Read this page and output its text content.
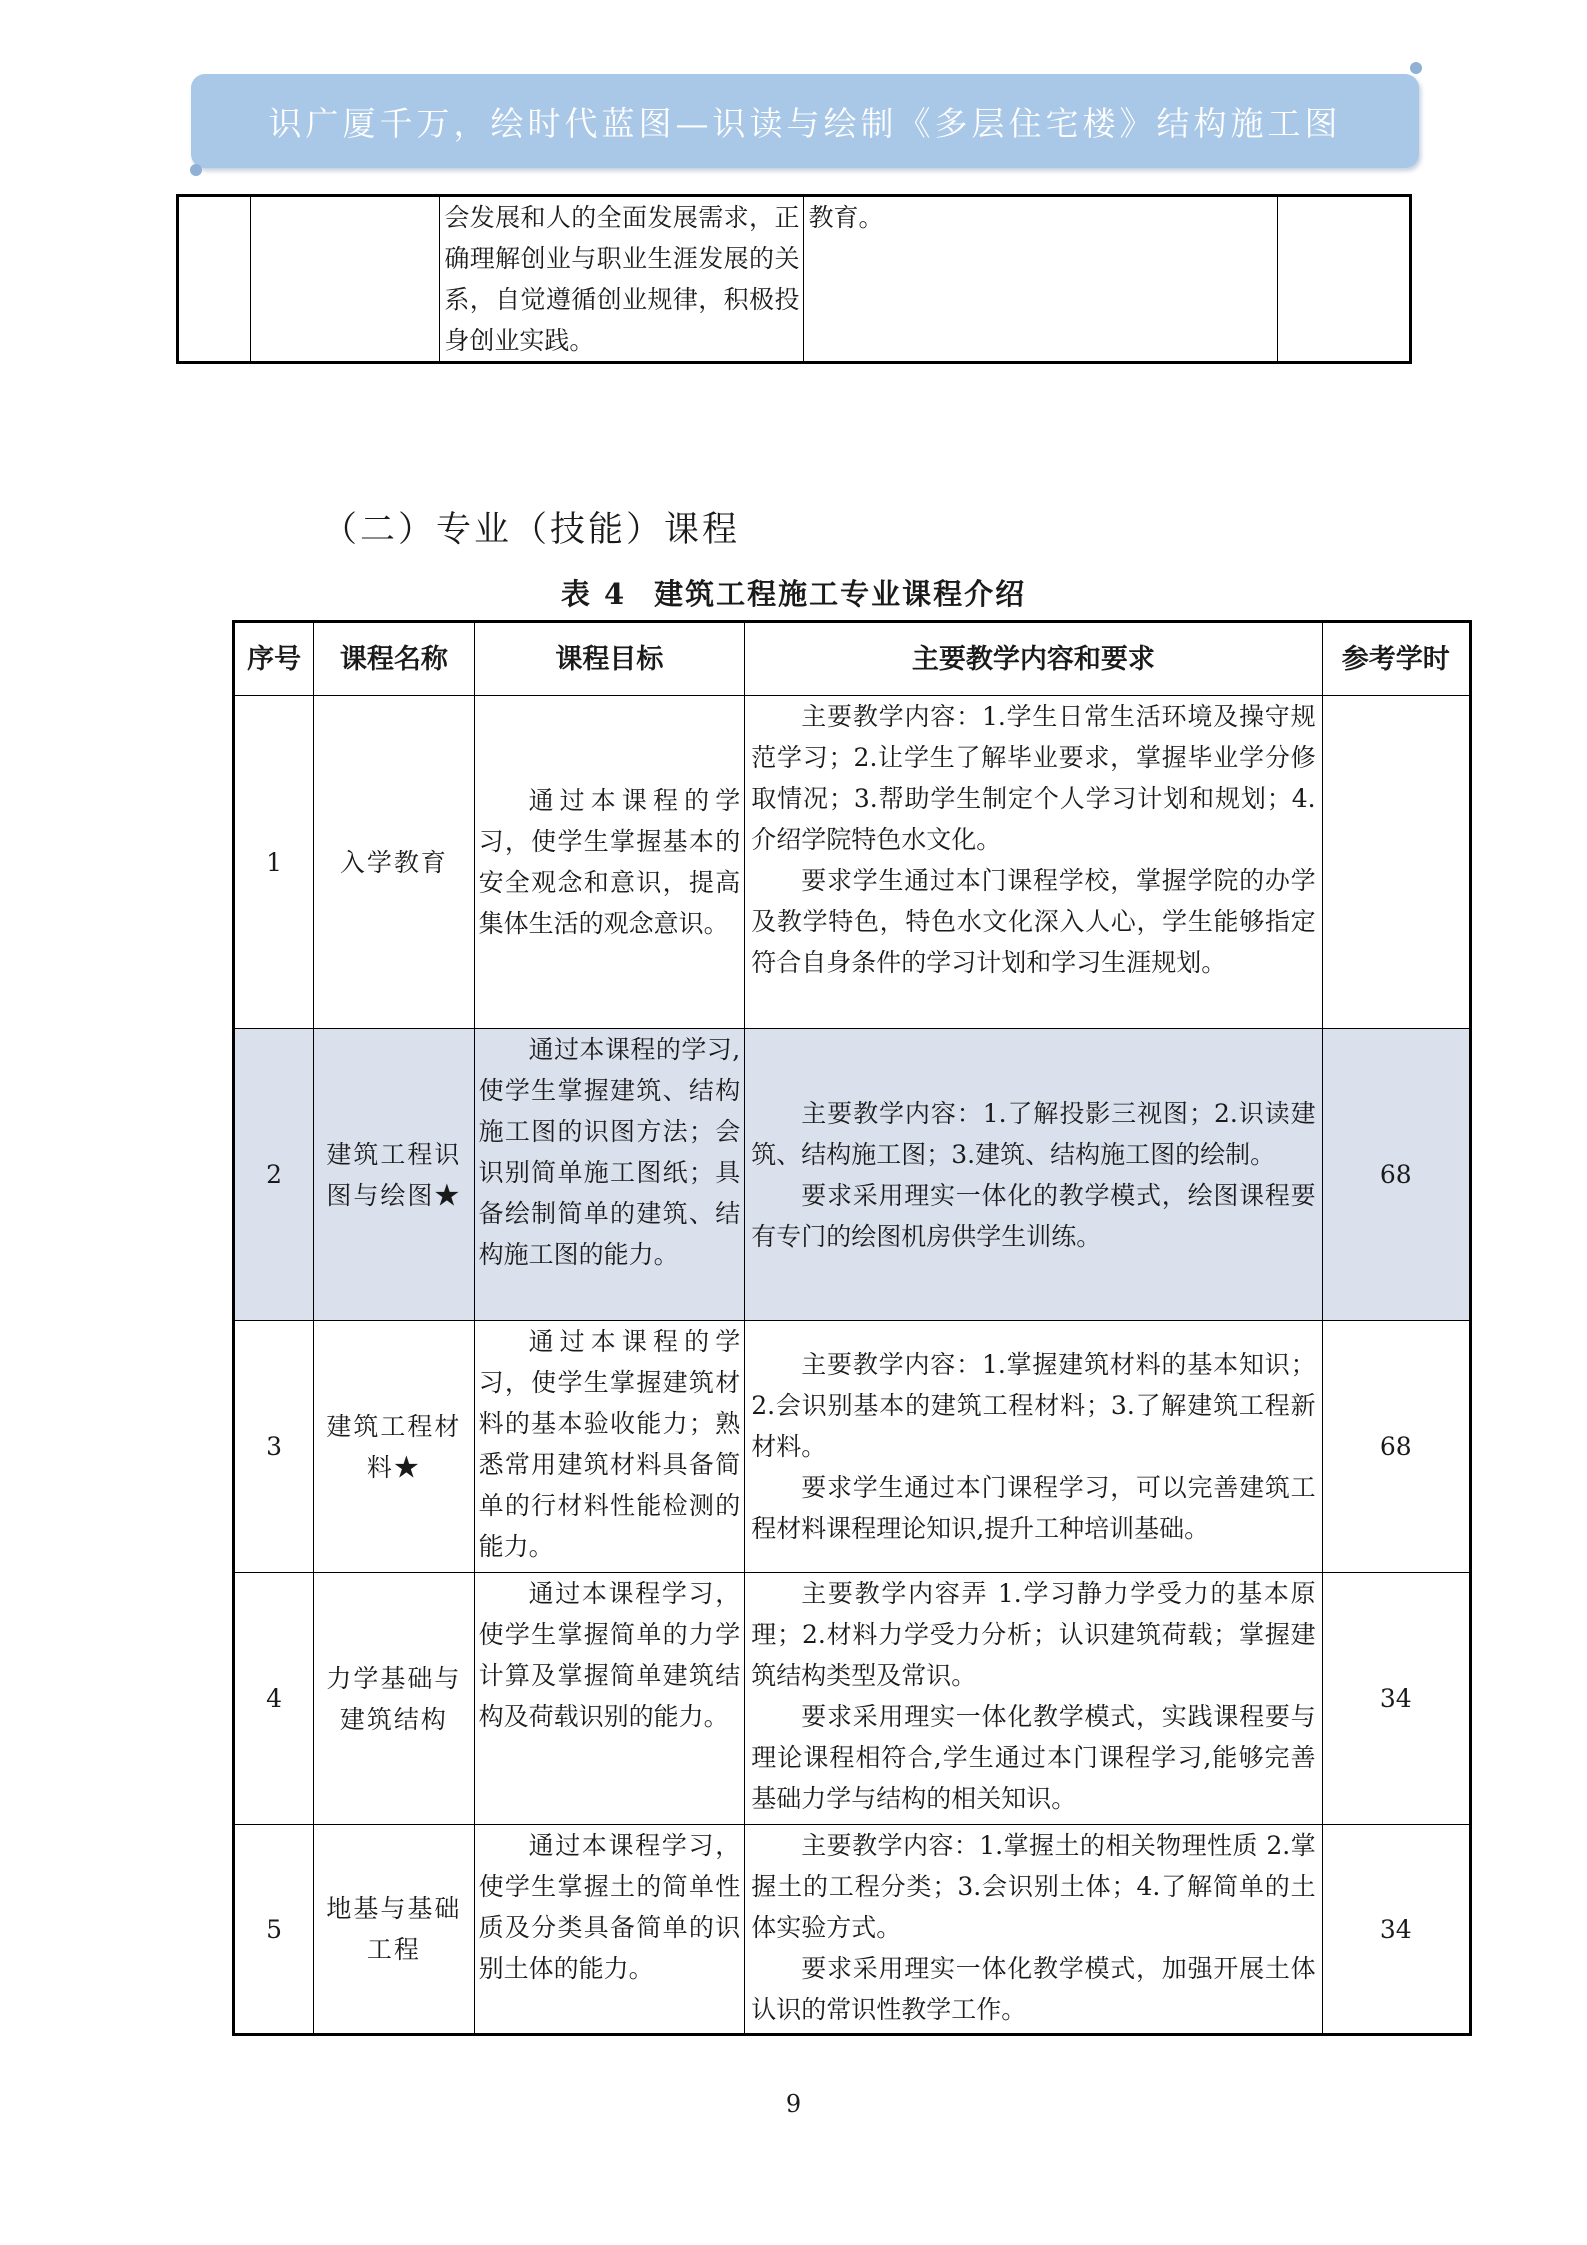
识广厦千万，绘时代蓝图—识读与绘制《多层住宅楼》结构施工图
		会发展和人的全面发展需求，正确理解创业与职业生涯发展的关系，自觉遵循创业规律，积极投身创业实践。	教育。	
（二）专业（技能）课程
表 4 建筑工程施工专业课程介绍
序号	课程名称	课程目标	主要教学内容和要求	参考学时
1	入学教育	通过本课程的学习，使学生掌握基本的安全观念和意识，提高集体生活的观念意识。	主要教学内容：1.学生日常生活环境及操守规范学习；2.让学生了解毕业要求，掌握毕业学分修取情况；3.帮助学生制定个人学习计划和规划；4.介绍学院特色水文化。

要求学生通过本门课程学校，掌握学院的办学及教学特色，特色水文化深入人心，学生能够指定符合自身条件的学习计划和学习生涯规划。	

2	建筑工程识图与绘图★	通过本课程的学习,使学生掌握建筑、结构施工图的识图方法；会识别简单施工图纸；具备绘制简单的建筑、结构施工图的能力。	主要教学内容：1.了解投影三视图；2.识读建筑、结构施工图；3.建筑、结构施工图的绘制。

要求采用理实一体化的教学模式，绘图课程要有专门的绘图机房供学生训练。	68
3	建筑工程材料★	通过本课程的学习，使学生掌握建筑材料的基本验收能力；熟悉常用建筑材料具备简单的行材料性能检测的能力。	主要教学内容：1.掌握建筑材料的基本知识；2.会识别基本的建筑工程材料；3.了解建筑工程新材料。

要求学生通过本门课程学习，可以完善建筑工程材料课程理论知识,提升工种培训基础。	68
4	力学基础与建筑结构	通过本课程学习，使学生掌握简单的力学计算及掌握简单建筑结构及荷载识别的能力。	主要教学内容弄 1.学习静力学受力的基本原理；2.材料力学受力分析；认识建筑荷载；掌握建筑结构类型及常识。

要求采用理实一体化教学模式，实践课程要与理论课程相符合,学生通过本门课程学习,能够完善基础力学与结构的相关知识。	34
5	地基与基础工程	通过本课程学习，使学生掌握土的简单性质及分类具备简单的识别土体的能力。	主要教学内容：1.掌握土的相关物理性质 2.掌握土的工程分类；3.会识别土体；4.了解简单的土体实验方式。

要求采用理实一体化教学模式，加强开展土体认识的常识性教学工作。	34
9
